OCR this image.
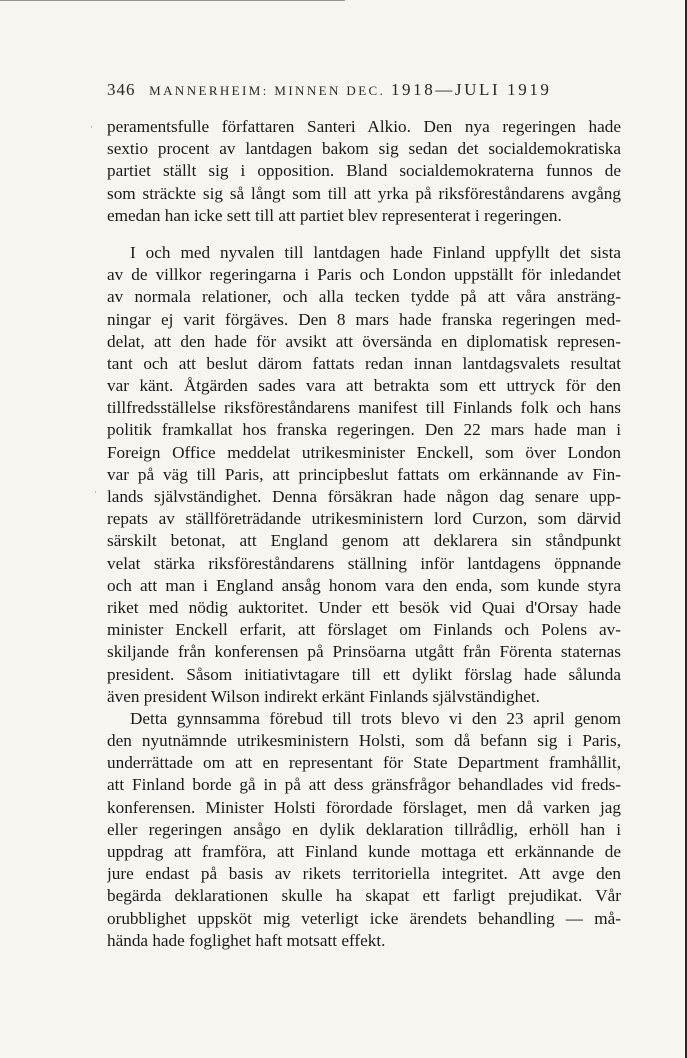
346 MANNERHEIM: MINNEN DEC. 1918—JULI 1919
·
·
peramentsfulle författaren Santeri Alkio. Den nya regeringen hade
sextio procent av lantdagen bakom sig sedan det socialdemokratiska
partiet ställt sig i opposition. Bland socialdemokraterna funnos de
som sträckte sig så långt som till att yrka på riksföreståndarens avgång
emedan han icke sett till att partiet blev representerat i regeringen.
I och med nyvalen till lantdagen hade Finland uppfyllt det sista
av de villkor regeringarna i Paris och London uppställt för inledandet
av normala relationer, och alla tecken tydde på att våra ansträng-
ningar ej varit förgäves. Den 8 mars hade franska regeringen med-
delat, att den hade för avsikt att översända en diplomatisk represen-
tant och att beslut därom fattats redan innan lantdagsvalets resultat
var känt. Åtgärden sades vara att betrakta som ett uttryck för den
tillfredsställelse riksföreståndarens manifest till Finlands folk och hans
politik framkallat hos franska regeringen. Den 22 mars hade man i
Foreign Office meddelat utrikesminister Enckell, som över London
var på väg till Paris, att principbeslut fattats om erkännande av Fin-
lands självständighet. Denna försäkran hade någon dag senare upp-
repats av ställföreträdande utrikesministern lord Curzon, som därvid
särskilt betonat, att England genom att deklarera sin ståndpunkt
velat stärka riksföreståndarens ställning inför lantdagens öppnande
och att man i England ansåg honom vara den enda, som kunde styra
riket med nödig auktoritet. Under ett besök vid Quai d'Orsay hade
minister Enckell erfarit, att förslaget om Finlands och Polens av-
skiljande från konferensen på Prinsöarna utgått från Förenta staternas
president. Såsom initiativtagare till ett dylikt förslag hade sålunda
även president Wilson indirekt erkänt Finlands självständighet.
Detta gynnsamma förebud till trots blevo vi den 23 april genom
den nyutnämnde utrikesministern Holsti, som då befann sig i Paris,
underrättade om att en representant för State Department framhållit,
att Finland borde gå in på att dess gränsfrågor behandlades vid freds-
konferensen. Minister Holsti förordade förslaget, men då varken jag
eller regeringen ansågo en dylik deklaration tillrådlig, erhöll han i
uppdrag att framföra, att Finland kunde mottaga ett erkännande de
jure endast på basis av rikets territoriella integritet. Att avge den
begärda deklarationen skulle ha skapat ett farligt prejudikat. Vår
orubblighet uppsköt mig veterligt icke ärendets behandling — må-
hända hade foglighet haft motsatt effekt.
